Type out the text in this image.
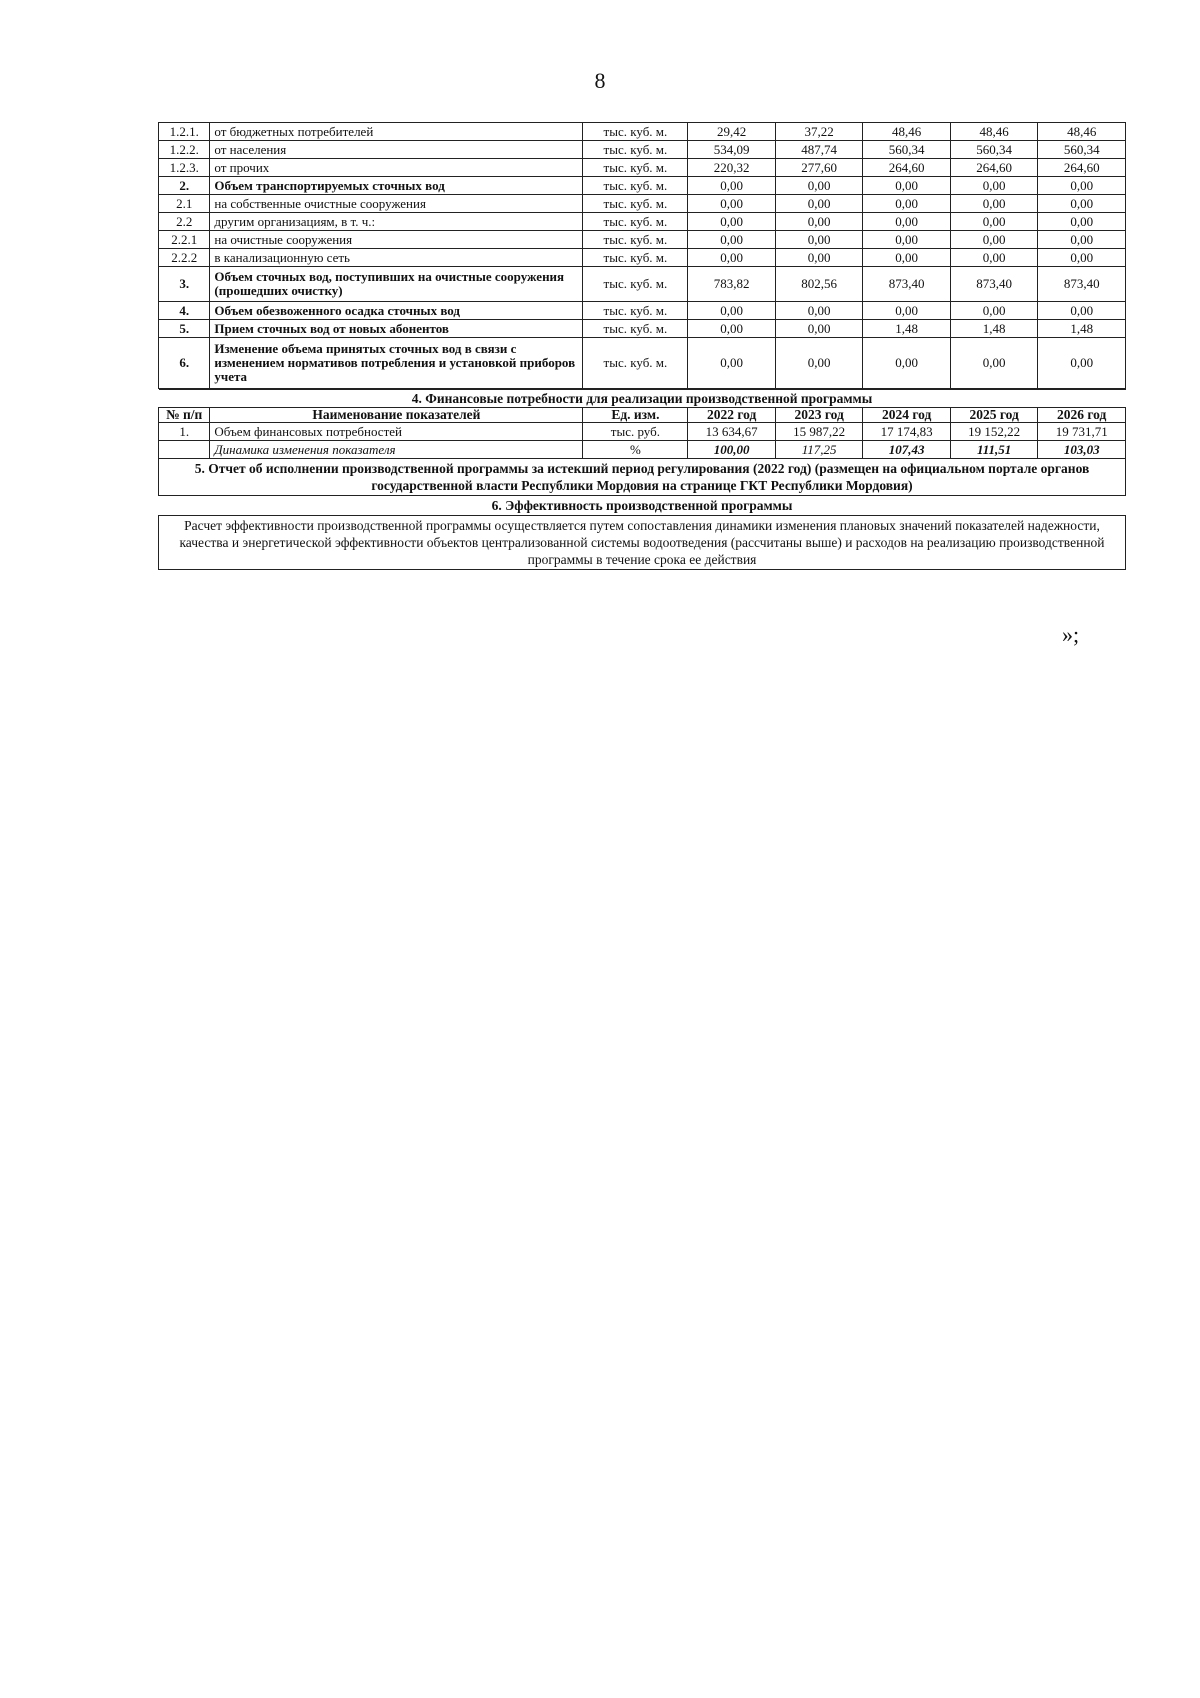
8
1.2.1.	от бюджетных потребителей	тыс. куб. м.	29,42	37,22	48,46	48,46	48,46
1.2.2.	от населения	тыс. куб. м.	534,09	487,74	560,34	560,34	560,34
1.2.3.	от прочих	тыс. куб. м.	220,32	277,60	264,60	264,60	264,60
2.	Объем транспортируемых сточных вод	тыс. куб. м.	0,00	0,00	0,00	0,00	0,00
2.1	на собственные очистные сооружения	тыс. куб. м.	0,00	0,00	0,00	0,00	0,00
2.2	другим организациям, в т. ч.:	тыс. куб. м.	0,00	0,00	0,00	0,00	0,00
2.2.1	на очистные сооружения	тыс. куб. м.	0,00	0,00	0,00	0,00	0,00
2.2.2	в канализационную сеть	тыс. куб. м.	0,00	0,00	0,00	0,00	0,00
3.	Объем сточных вод, поступивших на очистные сооружения (прошедших очистку)	тыс. куб. м.	783,82	802,56	873,40	873,40	873,40
4.	Объем обезвоженного осадка сточных вод	тыс. куб. м.	0,00	0,00	0,00	0,00	0,00
5.	Прием сточных вод от новых абонентов	тыс. куб. м.	0,00	0,00	1,48	1,48	1,48
6.	Изменение объема принятых сточных вод в связи с изменением нормативов потребления и установкой приборов учета	тыс. куб. м.	0,00	0,00	0,00	0,00	0,00
4. Финансовые потребности для реализации производственной программы							
№ п/п	Наименование показателей	Ед. изм.	2022 год	2023 год	2024 год	2025 год	2026 год
1.	Объем финансовых потребностей	тыс. руб.	13 634,67	15 987,22	17 174,83	19 152,22	19 731,71
	Динамика изменения показателя	%	100,00	117,25	107,43	111,51	103,03
5. Отчет об исполнении производственной программы за истекший период регулирования (2022 год) (размещен на официальном портале органов государственной власти Республики Мордовия на странице ГКТ Республики Мордовия)
6. Эффективность производственной программы
Расчет эффективности производственной программы осуществляется путем сопоставления динамики изменения плановых значений показателей надежности, качества и энергетической эффективности объектов централизованной системы водоотведения (рассчитаны выше) и расходов на реализацию производственной программы в течение срока ее действия
»;
